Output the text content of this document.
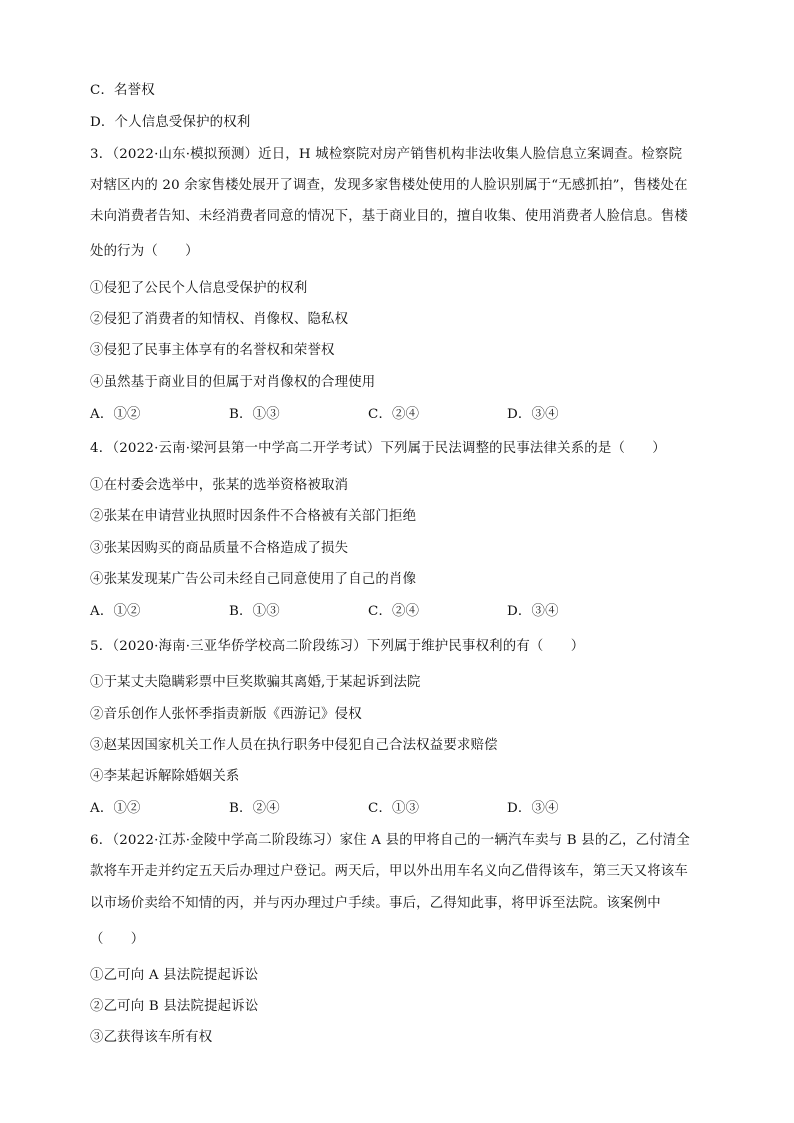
C．名誉权
D．个人信息受保护的权利
3．（2022·山东·模拟预测）近日，H 城检察院对房产销售机构非法收集人脸信息立案调查。检察院
对辖区内的 20 余家售楼处展开了调查，发现多家售楼处使用的人脸识别属于“无感抓拍”，售楼处在
未向消费者告知、未经消费者同意的情况下，基于商业目的，擅自收集、使用消费者人脸信息。售楼
处的行为（　　）
①侵犯了公民个人信息受保护的权利
②侵犯了消费者的知情权、肖像权、隐私权
③侵犯了民事主体享有的名誉权和荣誉权
④虽然基于商业目的但属于对肖像权的合理使用
A．①②	B．①③	C．②④	D．③④
4．（2022·云南·梁河县第一中学高二开学考试）下列属于民法调整的民事法律关系的是（　　）
①在村委会选举中，张某的选举资格被取消
②张某在申请营业执照时因条件不合格被有关部门拒绝
③张某因购买的商品质量不合格造成了损失
④张某发现某广告公司未经自己同意使用了自己的肖像
A．①②	B．①③	C．②④	D．③④
5．（2020·海南·三亚华侨学校高二阶段练习）下列属于维护民事权利的有（　　）
①于某丈夫隐瞒彩票中巨奖欺骗其离婚,于某起诉到法院
②音乐创作人张怀季指责新版《西游记》侵权
③赵某因国家机关工作人员在执行职务中侵犯自己合法权益要求赔偿
④李某起诉解除婚姻关系
A．①②	B．②④	C．①③	D．③④
6．（2022·江苏·金陵中学高二阶段练习）家住 A 县的甲将自己的一辆汽车卖与 B 县的乙，乙付清全
款将车开走并约定五天后办理过户登记。两天后，甲以外出用车名义向乙借得该车，第三天又将该车
以市场价卖给不知情的丙，并与丙办理过户手续。事后，乙得知此事，将甲诉至法院。该案例中
（　　）
①乙可向 A 县法院提起诉讼
②乙可向 B 县法院提起诉讼
③乙获得该车所有权
